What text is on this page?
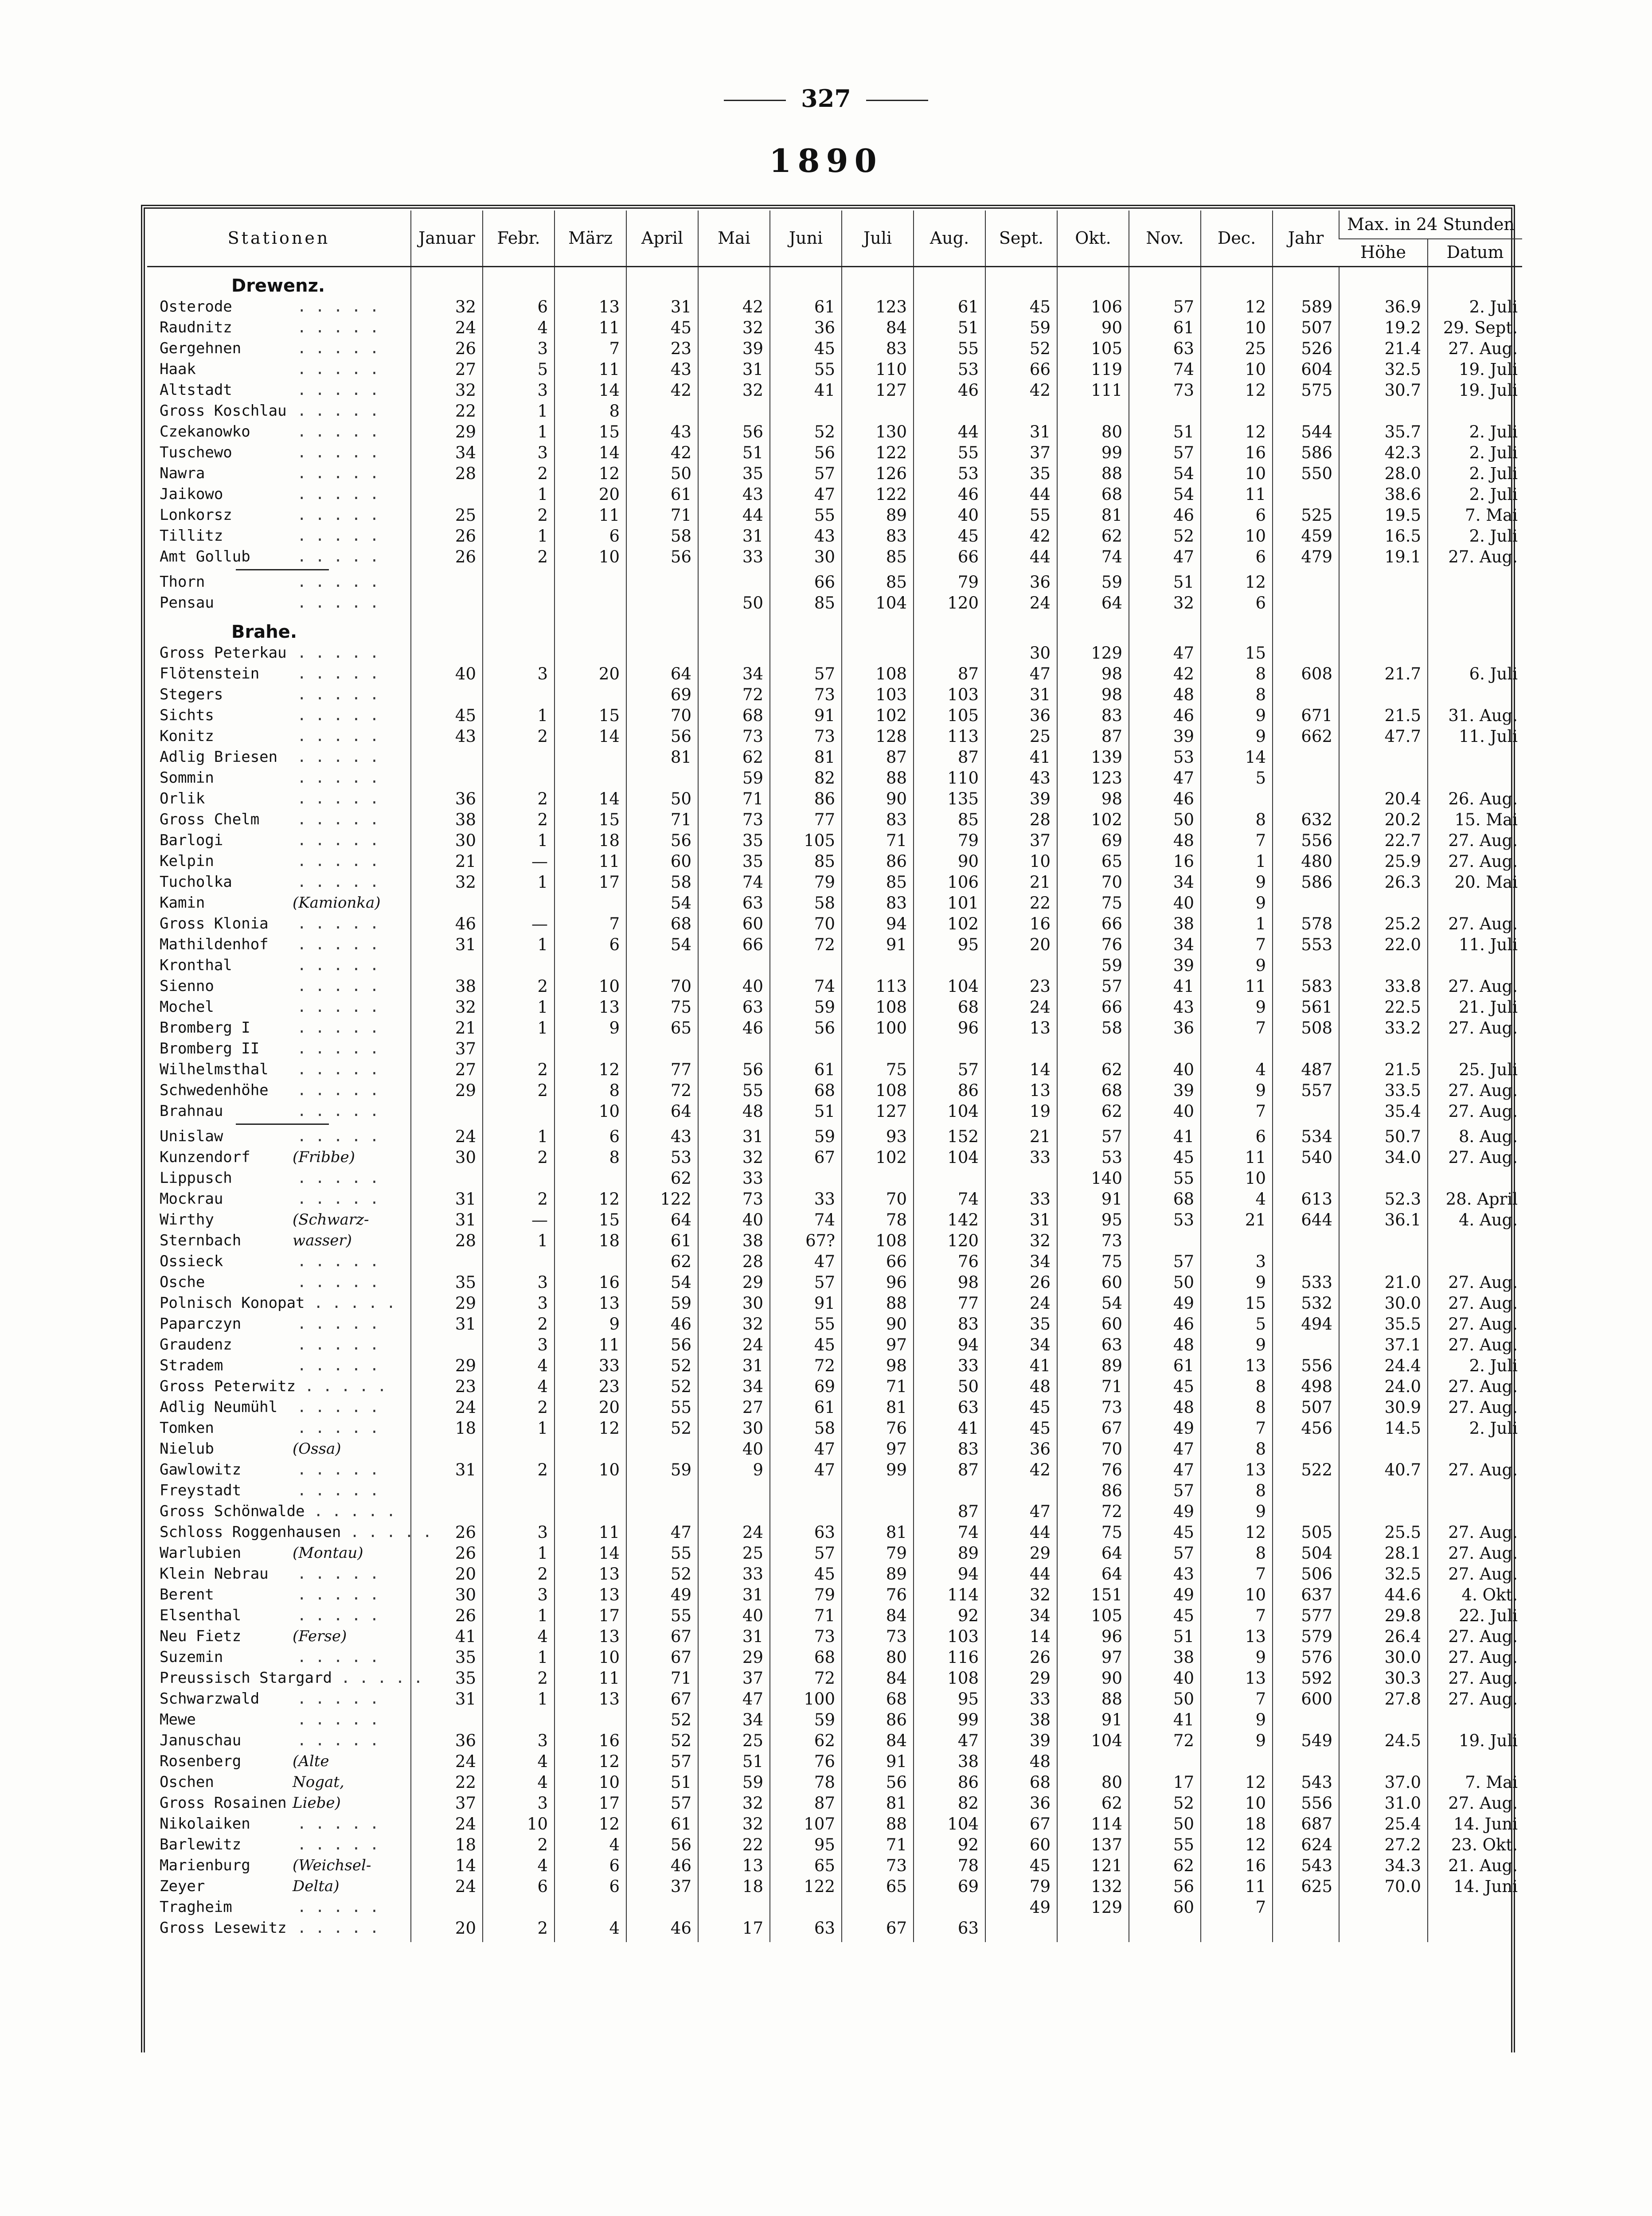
327
1890
Stationen	Januar	Febr.	März	April	Mai	Juni	Juli	Aug.	Sept.	Okt.	Nov.	Dec.	Jahr	Max. in 24 Stunden	
														Höhe	Datum
Drewenz.															
Osterode . . . . .	32	6	13	31	42	61	123	61	45	106	57	12	589	36.9	2. Juli
Raudnitz . . . . .	24	4	11	45	32	36	84	51	59	90	61	10	507	19.2	29. Sept.
Gergehnen . . . . .	26	3	7	23	39	45	83	55	52	105	63	25	526	21.4	27. Aug.
Haak . . . . .	27	5	11	43	31	55	110	53	66	119	74	10	604	32.5	19. Juli
Altstadt . . . . .	32	3	14	42	32	41	127	46	42	111	73	12	575	30.7	19. Juli
Gross Koschlau . . . . .	22	1	8												
Czekanowko . . . . .	29	1	15	43	56	52	130	44	31	80	51	12	544	35.7	2. Juli
Tuschewo . . . . .	34	3	14	42	51	56	122	55	37	99	57	16	586	42.3	2. Juli
Nawra . . . . .	28	2	12	50	35	57	126	53	35	88	54	10	550	28.0	2. Juli
Jaikowo . . . . .		1	20	61	43	47	122	46	44	68	54	11		38.6	2. Juli
Lonkorsz . . . . .	25	2	11	71	44	55	89	40	55	81	46	6	525	19.5	7. Mai
Tillitz . . . . .	26	1	6	58	31	43	83	45	42	62	52	10	459	16.5	2. Juli
Amt Gollub . . . . .	26	2	10	56	33	30	85	66	44	74	47	6	479	19.1	27. Aug.

Thorn . . . . .						66	85	79	36	59	51	12			
Pensau . . . . .					50	85	104	120	24	64	32	6			
Brahe.															
Gross Peterkau . . . . .									30	129	47	15			
Flötenstein . . . . .	40	3	20	64	34	57	108	87	47	98	42	8	608	21.7	6. Juli
Stegers . . . . .				69	72	73	103	103	31	98	48	8			
Sichts . . . . .	45	1	15	70	68	91	102	105	36	83	46	9	671	21.5	31. Aug.
Konitz . . . . .	43	2	14	56	73	73	128	113	25	87	39	9	662	47.7	11. Juli
Adlig Briesen . . . . .				81	62	81	87	87	41	139	53	14			
Sommin . . . . .					59	82	88	110	43	123	47	5			
Orlik . . . . .	36	2	14	50	71	86	90	135	39	98	46			20.4	26. Aug.
Gross Chelm . . . . .	38	2	15	71	73	77	83	85	28	102	50	8	632	20.2	15. Mai
Barlogi . . . . .	30	1	18	56	35	105	71	79	37	69	48	7	556	22.7	27. Aug.
Kelpin . . . . .	21	—	11	60	35	85	86	90	10	65	16	1	480	25.9	27. Aug.
Tucholka . . . . .	32	1	17	58	74	79	85	106	21	70	34	9	586	26.3	20. Mai
Kamin (Kamionka)				54	63	58	83	101	22	75	40	9			
Gross Klonia . . . . .	46	—	7	68	60	70	94	102	16	66	38	1	578	25.2	27. Aug.
Mathildenhof . . . . .	31	1	6	54	66	72	91	95	20	76	34	7	553	22.0	11. Juli
Kronthal . . . . .										59	39	9			
Sienno . . . . .	38	2	10	70	40	74	113	104	23	57	41	11	583	33.8	27. Aug.
Mochel . . . . .	32	1	13	75	63	59	108	68	24	66	43	9	561	22.5	21. Juli
Bromberg I . . . . .	21	1	9	65	46	56	100	96	13	58	36	7	508	33.2	27. Aug.
Bromberg II . . . . .	37														
Wilhelmsthal . . . . .	27	2	12	77	56	61	75	57	14	62	40	4	487	21.5	25. Juli
Schwedenhöhe . . . . .	29	2	8	72	55	68	108	86	13	68	39	9	557	33.5	27. Aug.
Brahnau . . . . .			10	64	48	51	127	104	19	62	40	7		35.4	27. Aug.

Unislaw . . . . .	24	1	6	43	31	59	93	152	21	57	41	6	534	50.7	8. Aug.
Kunzendorf (Fribbe)	30	2	8	53	32	67	102	104	33	53	45	11	540	34.0	27. Aug.
Lippusch . . . . .				62	33					140	55	10			
Mockrau . . . . .	31	2	12	122	73	33	70	74	33	91	68	4	613	52.3	28. April
Wirthy (Schwarz-	31	—	15	64	40	74	78	142	31	95	53	21	644	36.1	4. Aug.
Sternbach wasser)	28	1	18	61	38	67?	108	120	32	73					
Ossieck . . . . .				62	28	47	66	76	34	75	57	3			
Osche . . . . .	35	3	16	54	29	57	96	98	26	60	50	9	533	21.0	27. Aug.
Polnisch Konopat . . . . .	29	3	13	59	30	91	88	77	24	54	49	15	532	30.0	27. Aug.
Paparczyn . . . . .	31	2	9	46	32	55	90	83	35	60	46	5	494	35.5	27. Aug.
Graudenz . . . . .		3	11	56	24	45	97	94	34	63	48	9		37.1	27. Aug.
Stradem . . . . .	29	4	33	52	31	72	98	33	41	89	61	13	556	24.4	2. Juli
Gross Peterwitz . . . . .	23	4	23	52	34	69	71	50	48	71	45	8	498	24.0	27. Aug.
Adlig Neumühl . . . . .	24	2	20	55	27	61	81	63	45	73	48	8	507	30.9	27. Aug.
Tomken . . . . .	18	1	12	52	30	58	76	41	45	67	49	7	456	14.5	2. Juli
Nielub (Ossa)					40	47	97	83	36	70	47	8			
Gawlowitz . . . . .	31	2	10	59	9	47	99	87	42	76	47	13	522	40.7	27. Aug.
Freystadt . . . . .										86	57	8			
Gross Schönwalde . . . . .								87	47	72	49	9			
Schloss Roggenhausen . . . . .	26	3	11	47	24	63	81	74	44	75	45	12	505	25.5	27. Aug.
Warlubien (Montau)	26	1	14	55	25	57	79	89	29	64	57	8	504	28.1	27. Aug.
Klein Nebrau . . . . .	20	2	13	52	33	45	89	94	44	64	43	7	506	32.5	27. Aug.
Berent . . . . .	30	3	13	49	31	79	76	114	32	151	49	10	637	44.6	4. Okt.
Elsenthal . . . . .	26	1	17	55	40	71	84	92	34	105	45	7	577	29.8	22. Juli
Neu Fietz (Ferse)	41	4	13	67	31	73	73	103	14	96	51	13	579	26.4	27. Aug.
Suzemin . . . . .	35	1	10	67	29	68	80	116	26	97	38	9	576	30.0	27. Aug.
Preussisch Stargard . . . . .	35	2	11	71	37	72	84	108	29	90	40	13	592	30.3	27. Aug.
Schwarzwald . . . . .	31	1	13	67	47	100	68	95	33	88	50	7	600	27.8	27. Aug.
Mewe . . . . .				52	34	59	86	99	38	91	41	9			
Januschau . . . . .	36	3	16	52	25	62	84	47	39	104	72	9	549	24.5	19. Juli
Rosenberg (Alte	24	4	12	57	51	76	91	38	48						
Oschen Nogat,	22	4	10	51	59	78	56	86	68	80	17	12	543	37.0	7. Mai
Gross Rosainen Liebe)	37	3	17	57	32	87	81	82	36	62	52	10	556	31.0	27. Aug.
Nikolaiken . . . . .	24	10	12	61	32	107	88	104	67	114	50	18	687	25.4	14. Juni
Barlewitz . . . . .	18	2	4	56	22	95	71	92	60	137	55	12	624	27.2	23. Okt.
Marienburg (Weichsel-	14	4	6	46	13	65	73	78	45	121	62	16	543	34.3	21. Aug.
Zeyer Delta)	24	6	6	37	18	122	65	69	79	132	56	11	625	70.0	14. Juni
Tragheim . . . . .									49	129	60	7			
Gross Lesewitz . . . . .	20	2	4	46	17	63	67	63							
